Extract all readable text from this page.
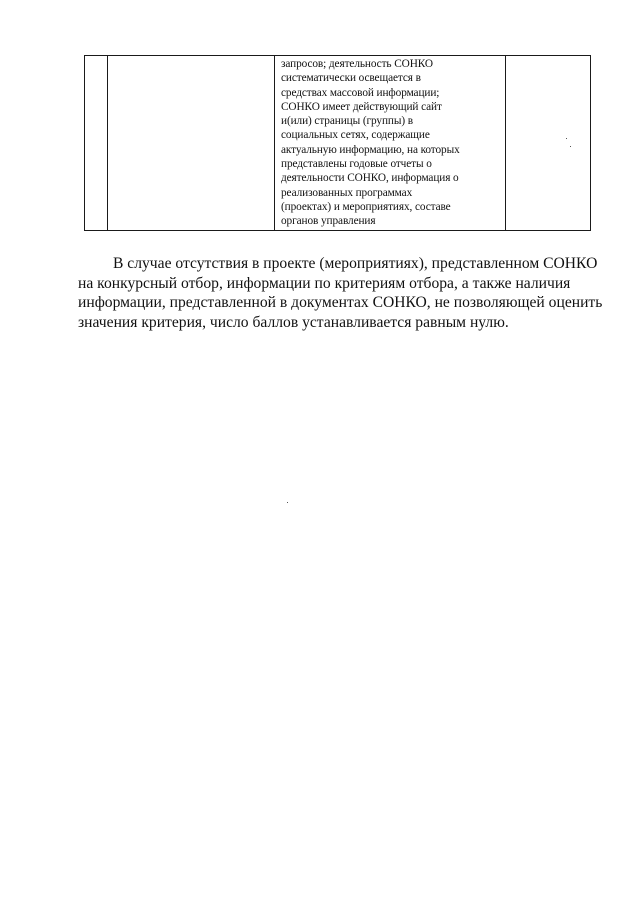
запросов; деятельность СОНКО
систематически освещается в
средствах массовой информации;
СОНКО имеет действующий сайт
и(или) страницы (группы) в
социальных сетях, содержащие
актуальную информацию, на которых
представлены годовые отчеты о
деятельности СОНКО, информация о
реализованных программах
(проектах) и мероприятиях, составе
органов управления

В случае отсутствия в проекте (мероприятиях), представленном СОНКО
на конкурсный отбор, информации по критериям отбора, а также наличия
информации, представленной в документах СОНКО, не позволяющей оценить
значения критерия, число баллов устанавливается равным нулю.
